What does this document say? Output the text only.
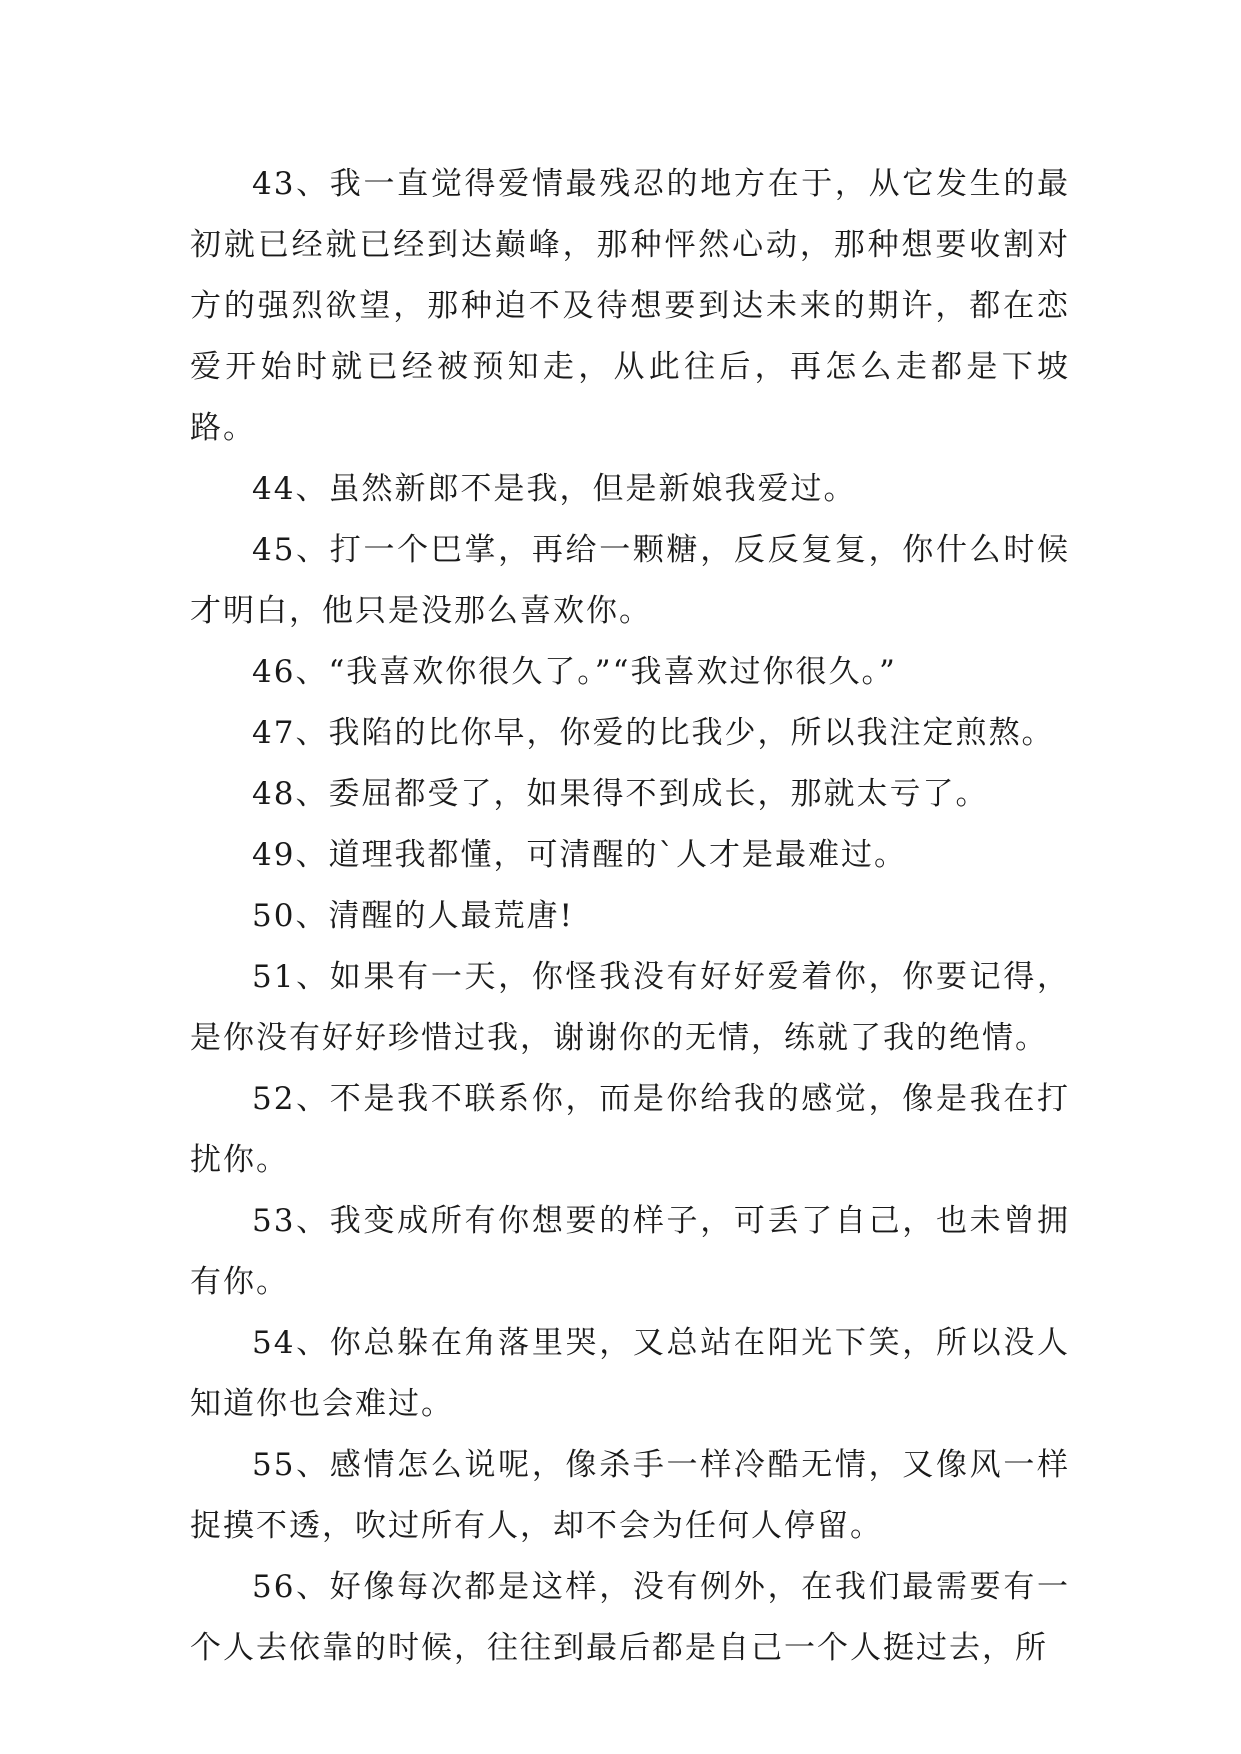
43、我一直觉得爱情最残忍的地方在于，从它发生的最初就已经就已经到达巅峰，那种怦然心动，那种想要收割对方的强烈欲望，那种迫不及待想要到达未来的期许，都在恋爱开始时就已经被预知走，从此往后，再怎么走都是下坡路。

44、虽然新郎不是我，但是新娘我爱过。

45、打一个巴掌，再给一颗糖，反反复复，你什么时候才明白，他只是没那么喜欢你。

46、“我喜欢你很久了。”“我喜欢过你很久。”

47、我陷的比你早，你爱的比我少，所以我注定煎熬。

48、委屈都受了，如果得不到成长，那就太亏了。

49、道理我都懂，可清醒的`人才是最难过。

50、清醒的人最荒唐!

51、如果有一天，你怪我没有好好爱着你，你要记得，是你没有好好珍惜过我，谢谢你的无情，练就了我的绝情。

52、不是我不联系你，而是你给我的感觉，像是我在打扰你。

53、我变成所有你想要的样子，可丢了自己，也未曾拥有你。

54、你总躲在角落里哭，又总站在阳光下笑，所以没人知道你也会难过。

55、感情怎么说呢，像杀手一样冷酷无情，又像风一样捉摸不透，吹过所有人，却不会为任何人停留。

56、好像每次都是这样，没有例外，在我们最需要有一个人去依靠的时候，往往到最后都是自己一个人挺过去，所
